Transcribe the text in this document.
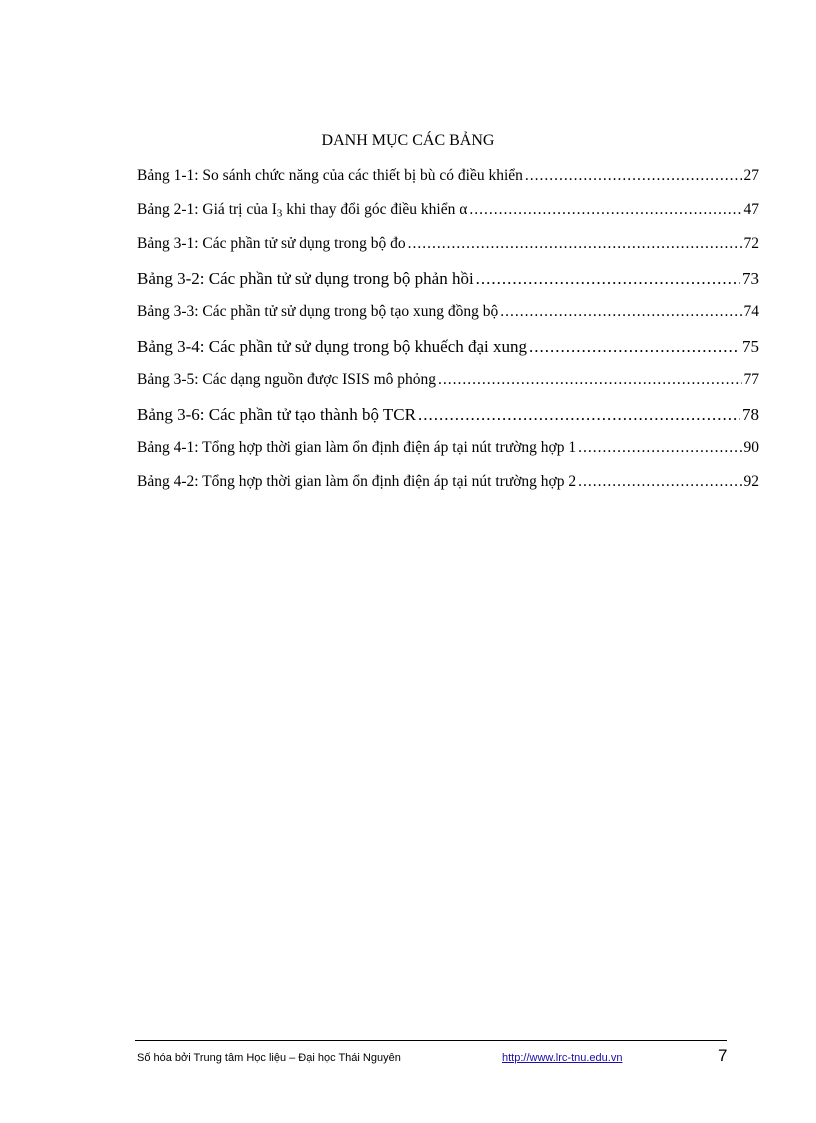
DANH MỤC CÁC BẢNG
Bảng 1-1: So sánh chức năng của các thiết bị bù có điều khiển .....	27
Bảng 2-1: Giá trị của $I_3$ khi thay đổi góc điều khiển α .....	47
Bảng 3-1: Các phần tử sử dụng trong bộ đo .....	72
Bảng 3-2: Các phần tử sử dụng trong bộ phản hồi .....	73
Bảng 3-3: Các phần tử sử dụng trong bộ tạo xung đồng bộ .....	74
Bảng 3-4: Các phần tử sử dụng trong bộ khuếch đại xung .....	75
Bảng 3-5: Các dạng nguồn được ISIS mô phỏng .....	77
Bảng 3-6: Các phần tử tạo thành bộ TCR .....	78
Bảng 4-1: Tổng hợp thời gian làm ổn định điện áp tại nút trường hợp 1 .....	90
Bảng 4-2: Tổng hợp thời gian làm ổn định điện áp tại nút trường hợp 2 .....	92
Số hóa bởi Trung tâm Học liệu – Đại học Thái Nguyên	http://www.lrc-tnu.edu.vn	7
